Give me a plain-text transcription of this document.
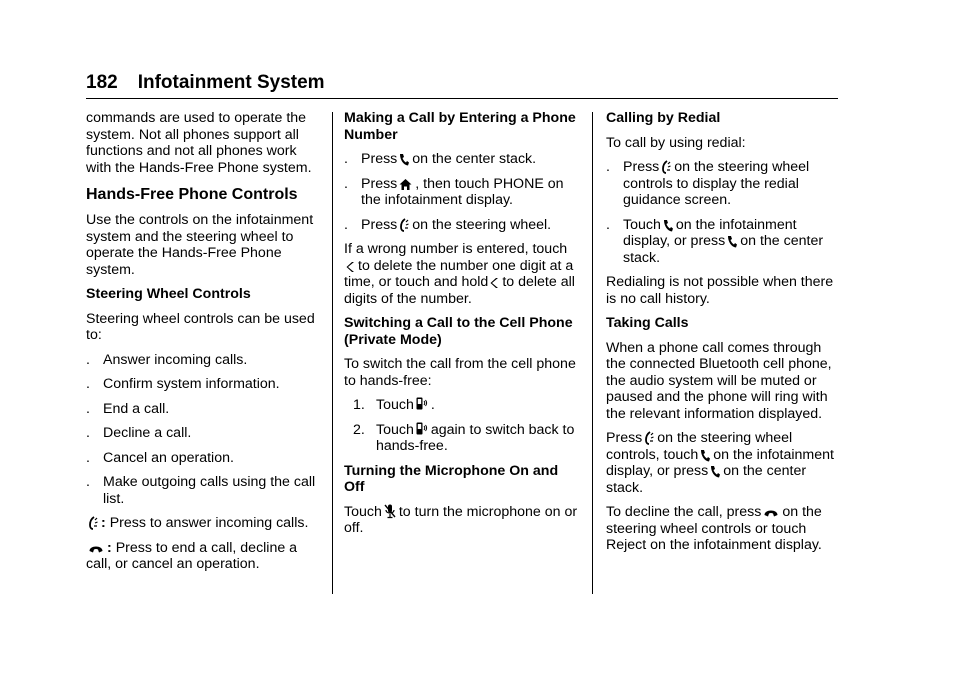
182 Infotainment System

commands are used to operate the system. Not all phones support all functions and not all phones work with the Hands-Free Phone system.

Hands-Free Phone Controls

Use the controls on the infotainment system and the steering wheel to operate the Hands-Free Phone system.

Steering Wheel Controls

Steering wheel controls can be used to:

. Answer incoming calls.
. Confirm system information.
. End a call.
. Decline a call.
. Cancel an operation.
. Make outgoing calls using the call list.

: Press to answer incoming calls.

: Press to end a call, decline a call, or cancel an operation.

Making a Call by Entering a Phone Number
. Press on the center stack.
. Press , then touch PHONE on the infotainment display.
. Press on the steering wheel.

If a wrong number is entered, touch
to delete the number one digit at a time, or touch and hold to delete all digits of the number.

Switching a Call to the Cell Phone (Private Mode)

To switch the call from the cell phone to hands-free:

1. Touch .
2. Touch again to switch back to hands-free.
Turning the Microphone On and Off

Touch to turn the microphone on or off.

Calling by Redial

To call by using redial:

. Press on the steering wheel controls to display the redial guidance screen.
. Touch on the infotainment display, or press on the center stack.

Redialing is not possible when there is no call history.

Taking Calls

When a phone call comes through the connected Bluetooth cell phone, the audio system will be muted or paused and the phone will ring with the relevant information displayed.

Press on the steering wheel controls, touch on the infotainment display, or press on the center stack.

To decline the call, press on the steering wheel controls or touch Reject on the infotainment display.
